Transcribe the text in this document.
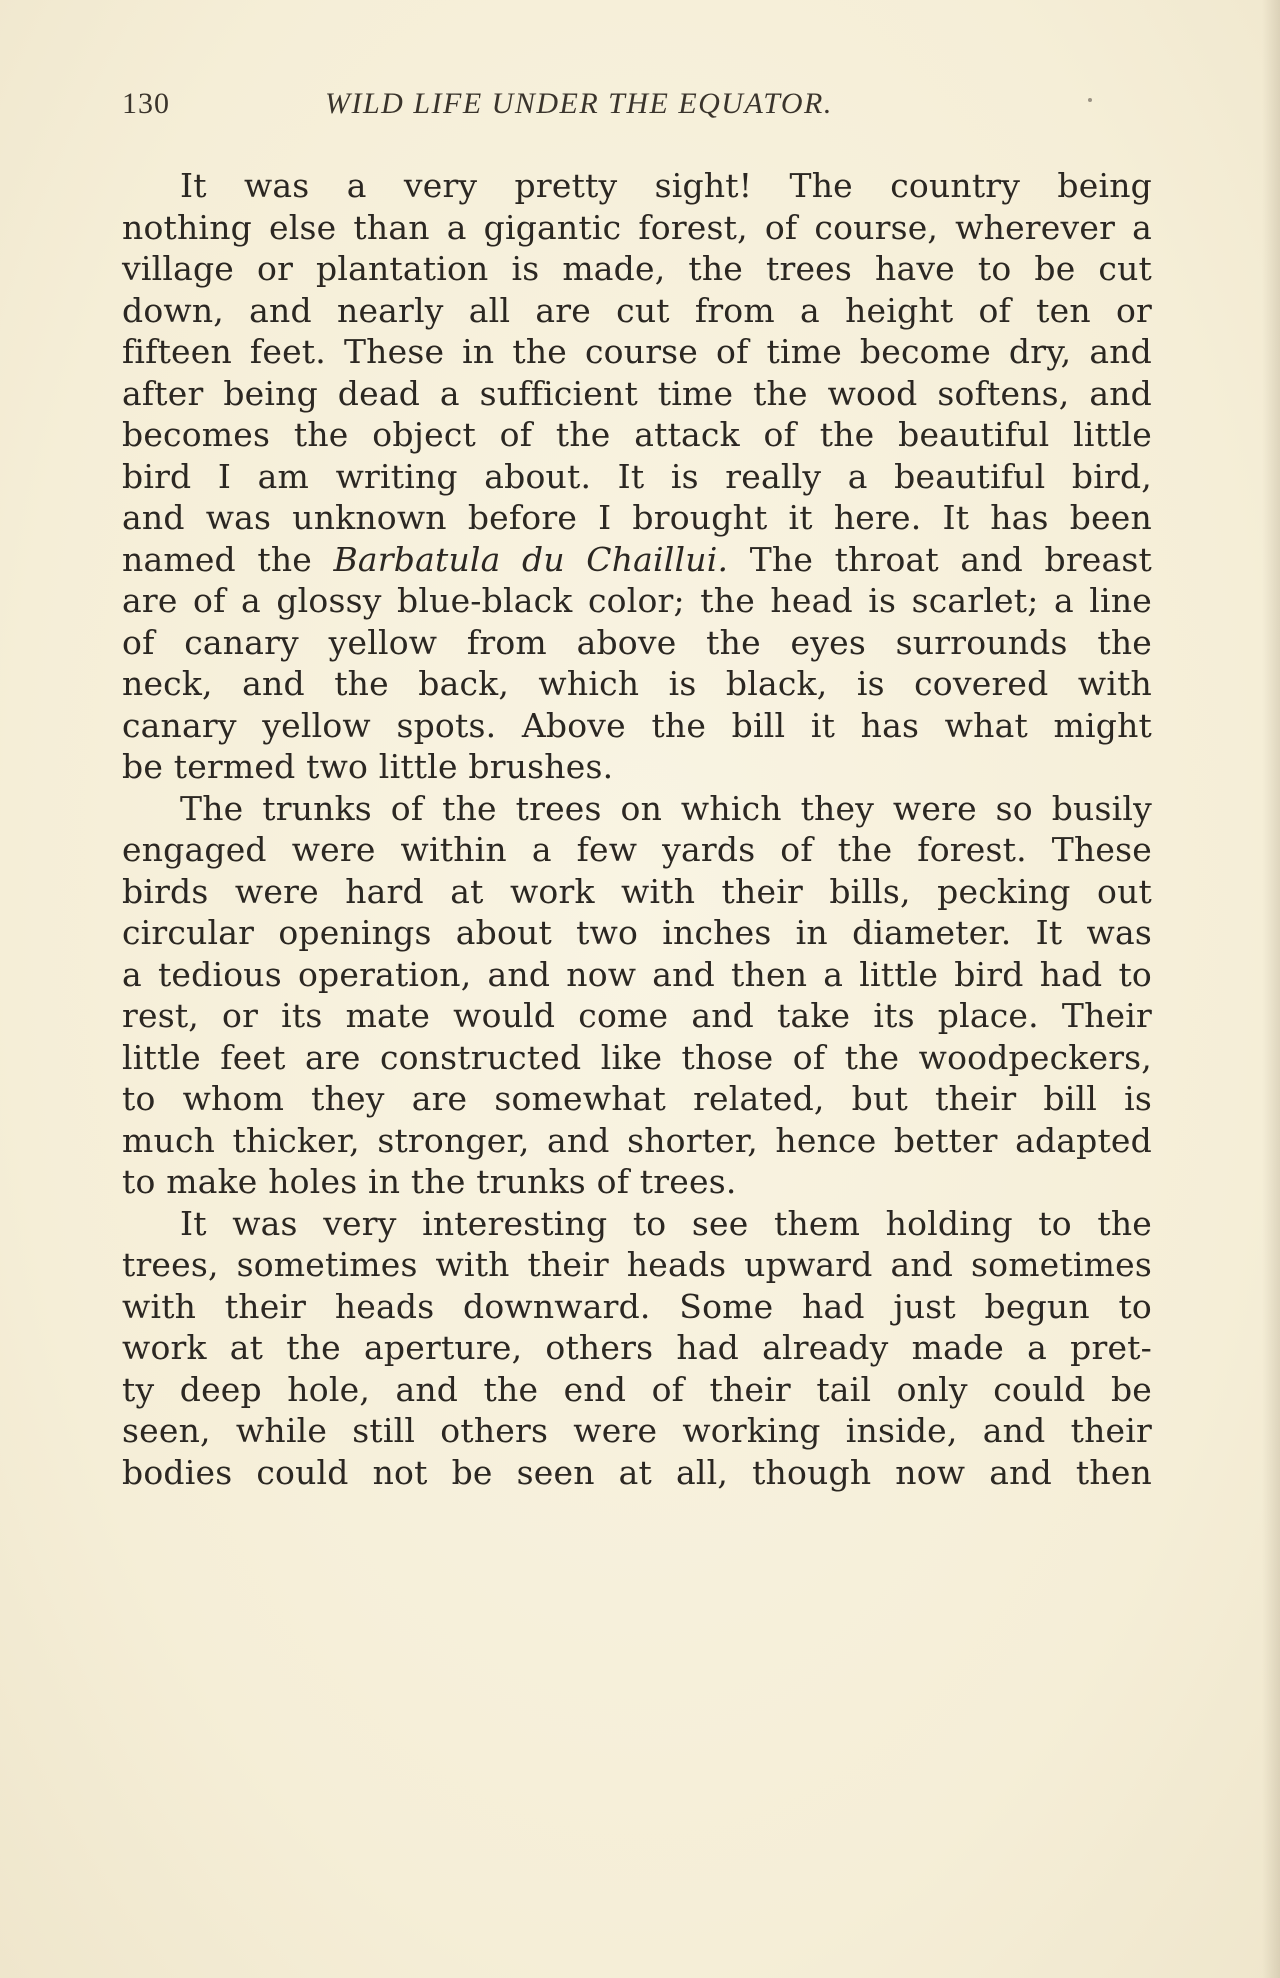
130	WILD LIFE UNDER THE EQUATOR.
It was a very pretty sight! The country being
nothing else than a gigantic forest, of course, wherever a
village or plantation is made, the trees have to be cut
down, and nearly all are cut from a height of ten or
fifteen feet. These in the course of time become dry, and
after being dead a sufficient time the wood softens, and
becomes the object of the attack of the beautiful little
bird I am writing about. It is really a beautiful bird,
and was unknown before I brought it here. It has been
named the Barbatula du Chaillui. The throat and breast
are of a glossy blue-black color; the head is scarlet; a line
of canary yellow from above the eyes surrounds the
neck, and the back, which is black, is covered with
canary yellow spots. Above the bill it has what might
be termed two little brushes.
The trunks of the trees on which they were so busily
engaged were within a few yards of the forest. These
birds were hard at work with their bills, pecking out
circular openings about two inches in diameter. It was
a tedious operation, and now and then a little bird had to
rest, or its mate would come and take its place. Their
little feet are constructed like those of the woodpeckers,
to whom they are somewhat related, but their bill is
much thicker, stronger, and shorter, hence better adapted
to make holes in the trunks of trees.
It was very interesting to see them holding to the
trees, sometimes with their heads upward and sometimes
with their heads downward. Some had just begun to
work at the aperture, others had already made a pret-
ty deep hole, and the end of their tail only could be
seen, while still others were working inside, and their
bodies could not be seen at all, though now and then
